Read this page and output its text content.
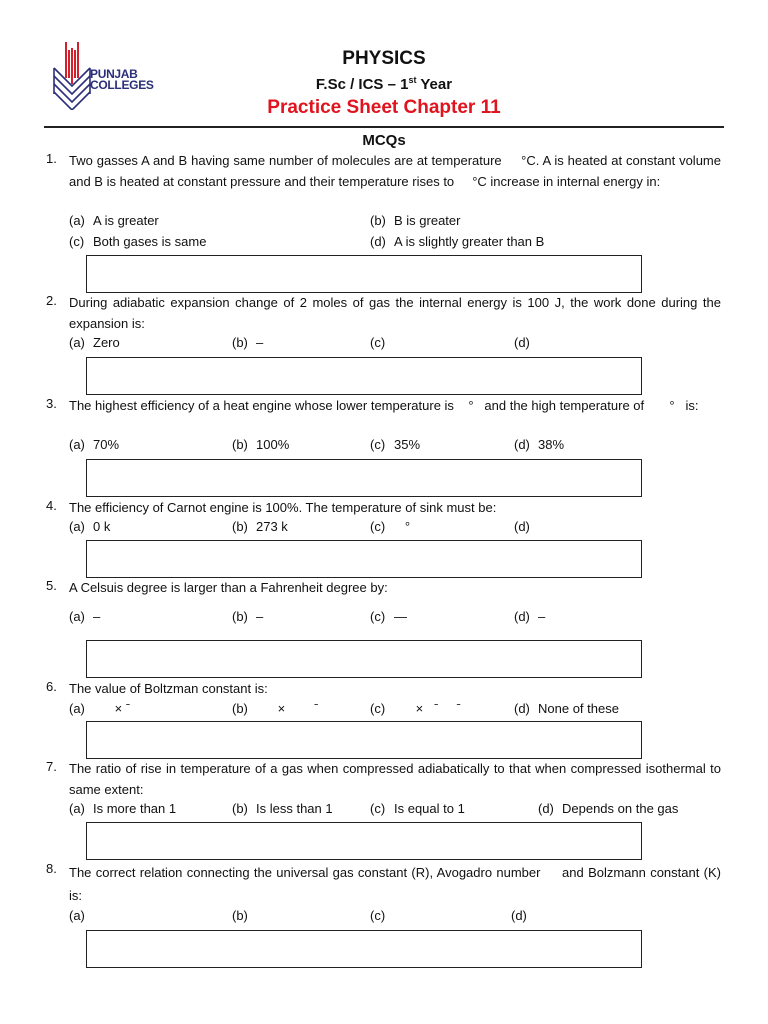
PUNJAB
COLLEGES
PHYSICS
F.Sc / ICS – 1st Year
Practice Sheet Chapter 11
MCQs
1. Two gasses A and B having same number of molecules are at temperature     °C. A is heated at constant volume and B is heated at constant pressure and their temperature rises to     °C increase in internal energy in:
(a) A is greater	(b) B is greater
(c) Both gases is same	(d) A is slightly greater than B
2. During adiabatic expansion change of 2 moles of gas the internal energy is 100 J, the work done during the expansion is:
(a) Zero	(b) –	(c)	(d)
3. The highest efficiency of a heat engine whose lower temperature is    °   and the high temperature of       °   is:
(a) 70%	(b) 100%	(c) 35%	(d) 38%
4. The efficiency of Carnot engine is 100%. The temperature of sink must be:
(a) 0 k	(b) 273 k	(c)   °	(d)
5. A Celsuis degree is larger than a Fahrenheit degree by:
(a) –	(b) –	(c) —	(d) –
6. The value of Boltzman constant is:
(a)      × ˉ	(b)      ×        ˉ	(c)      ×   ˉ     ˉ	(d) None of these
7. The ratio of rise in temperature of a gas when compressed adiabatically to that when compressed isothermal to same extent:
(a) Is more than 1	(b) Is less than 1	(c) Is equal to 1	(d) Depends on the gas
8. The correct relation connecting the universal gas constant (R), Avogadro number     and Bolzmann constant (K) is:
(a)	(b)	(c)	(d)
